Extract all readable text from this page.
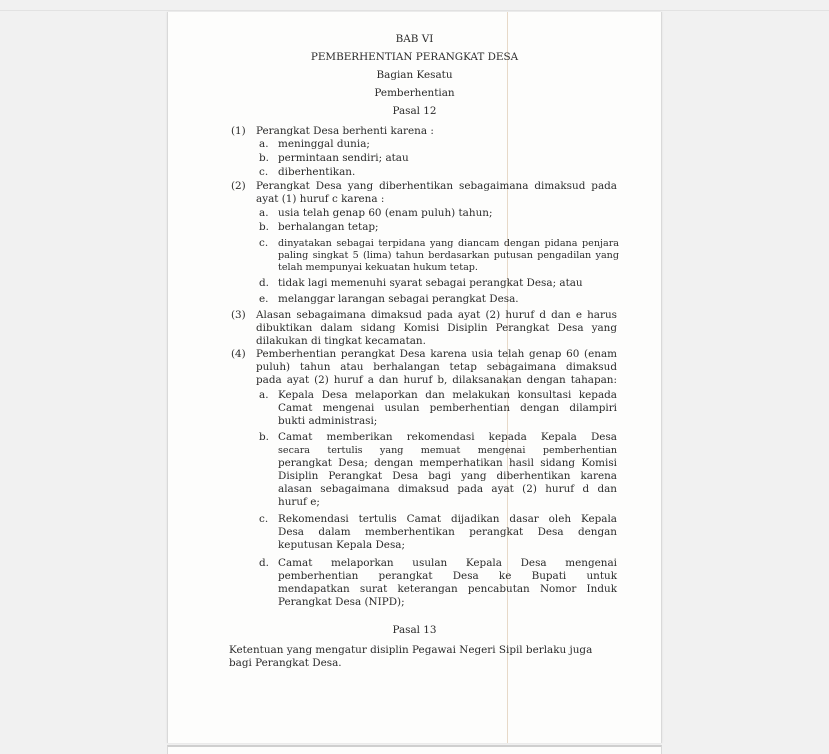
BAB VI

PEMBERHENTIAN PERANGKAT DESA

Bagian Kesatu

Pemberhentian

Pasal 12

(1) Perangkat Desa berhenti karena :

a. meninggal dunia;

b. permintaan sendiri; atau

c. diberhentikan.

(2) Perangkat Desa yang diberhentikan sebagaimana dimaksud pada

ayat (1) huruf c karena :

a. usia telah genap 60 (enam puluh) tahun;

b. berhalangan tetap;

c. dinyatakan sebagai terpidana yang diancam dengan pidana penjara

paling singkat 5 (lima) tahun berdasarkan putusan pengadilan yang

telah mempunyai kekuatan hukum tetap.

d. tidak lagi memenuhi syarat sebagai perangkat Desa; atau

e. melanggar larangan sebagai perangkat Desa.

(3) Alasan sebagaimana dimaksud pada ayat (2) huruf d dan e harus

dibuktikan dalam sidang Komisi Disiplin Perangkat Desa yang

dilakukan di tingkat kecamatan.

(4) Pemberhentian perangkat Desa karena usia telah genap 60 (enam

puluh) tahun atau berhalangan tetap sebagaimana dimaksud

pada ayat (2) huruf a dan huruf b, dilaksanakan dengan tahapan:

a. Kepala Desa melaporkan dan melakukan konsultasi kepada

Camat mengenai usulan pemberhentian dengan dilampiri

bukti administrasi;

b. Camat memberikan rekomendasi kepada Kepala Desa

secara tertulis yang memuat mengenai pemberhentian

perangkat Desa; dengan memperhatikan hasil sidang Komisi

Disiplin Perangkat Desa bagi yang diberhentikan karena

alasan sebagaimana dimaksud pada ayat (2) huruf d dan

huruf e;

c. Rekomendasi tertulis Camat dijadikan dasar oleh Kepala

Desa dalam memberhentikan perangkat Desa dengan

keputusan Kepala Desa;

d. Camat melaporkan usulan Kepala Desa mengenai

pemberhentian perangkat Desa ke Bupati untuk

mendapatkan surat keterangan pencabutan Nomor Induk

Perangkat Desa (NIPD);

Pasal 13

Ketentuan yang mengatur disiplin Pegawai Negeri Sipil berlaku juga

bagi Perangkat Desa.
